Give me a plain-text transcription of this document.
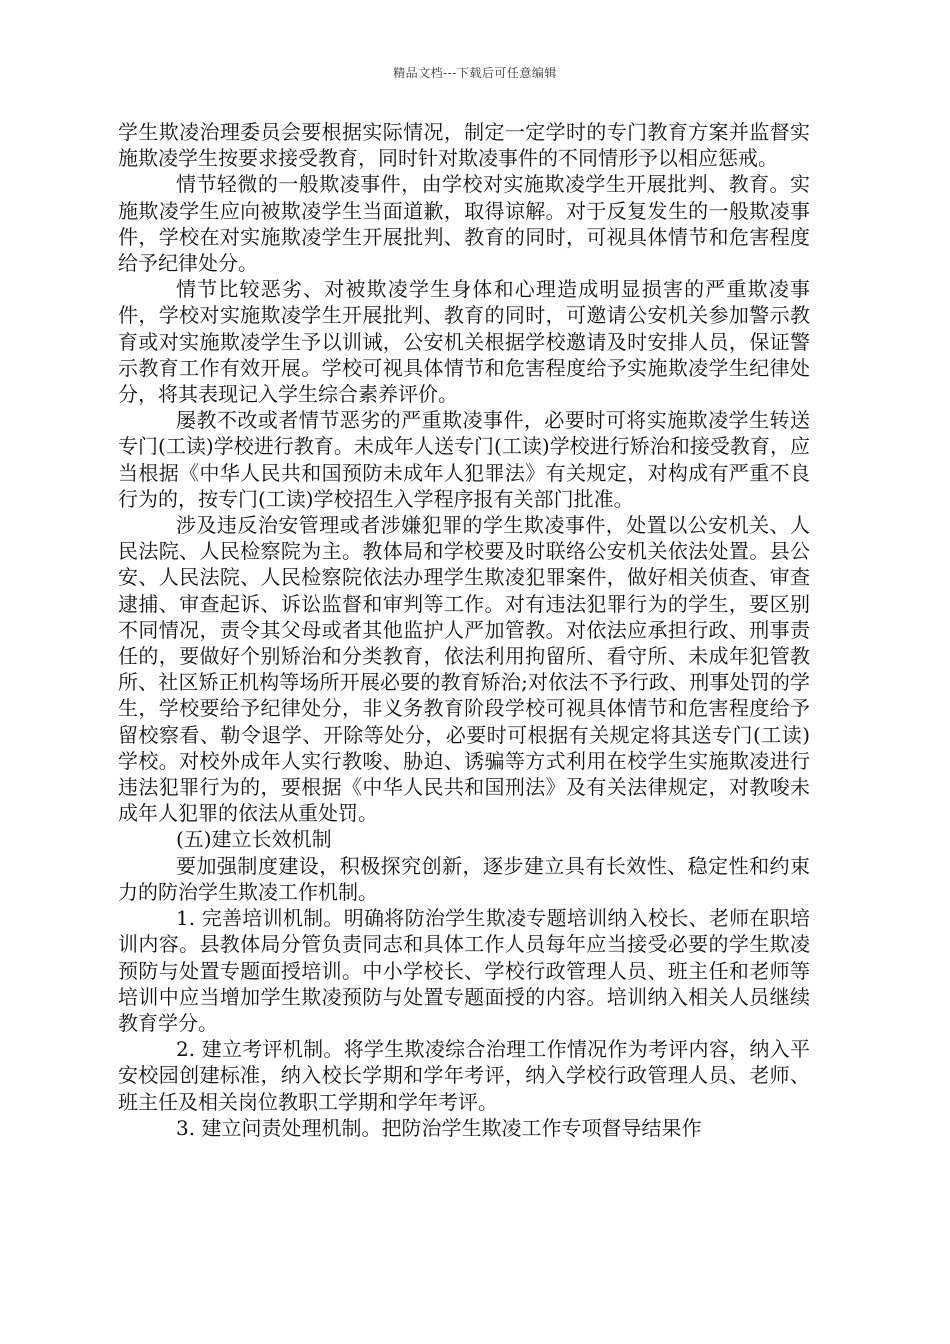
精品文档---下载后可任意编辑

学生欺凌治理委员会要根据实际情况，制定一定学时的专门教育方案并监督实施欺凌学生按要求接受教育，同时针对欺凌事件的不同情形予以相应惩戒。

情节轻微的一般欺凌事件，由学校对实施欺凌学生开展批判、教育。实施欺凌学生应向被欺凌学生当面道歉，取得谅解。对于反复发生的一般欺凌事件，学校在对实施欺凌学生开展批判、教育的同时，可视具体情节和危害程度给予纪律处分。

情节比较恶劣、对被欺凌学生身体和心理造成明显损害的严重欺凌事件，学校对实施欺凌学生开展批判、教育的同时，可邀请公安机关参加警示教育或对实施欺凌学生予以训诫，公安机关根据学校邀请及时安排人员，保证警示教育工作有效开展。学校可视具体情节和危害程度给予实施欺凌学生纪律处分，将其表现记入学生综合素养评价。

屡教不改或者情节恶劣的严重欺凌事件，必要时可将实施欺凌学生转送专门(工读)学校进行教育。未成年人送专门(工读)学校进行矫治和接受教育，应当根据《中华人民共和国预防未成年人犯罪法》有关规定，对构成有严重不良行为的，按专门(工读)学校招生入学程序报有关部门批准。

涉及违反治安管理或者涉嫌犯罪的学生欺凌事件，处置以公安机关、人民法院、人民检察院为主。教体局和学校要及时联络公安机关依法处置。县公安、人民法院、人民检察院依法办理学生欺凌犯罪案件，做好相关侦查、审查逮捕、审查起诉、诉讼监督和审判等工作。对有违法犯罪行为的学生，要区别不同情况，责令其父母或者其他监护人严加管教。对依法应承担行政、刑事责任的，要做好个别矫治和分类教育，依法利用拘留所、看守所、未成年犯管教所、社区矫正机构等场所开展必要的教育矫治;对依法不予行政、刑事处罚的学生，学校要给予纪律处分，非义务教育阶段学校可视具体情节和危害程度给予留校察看、勒令退学、开除等处分，必要时可根据有关规定将其送专门(工读)学校。对校外成年人实行教唆、胁迫、诱骗等方式利用在校学生实施欺凌进行违法犯罪行为的，要根据《中华人民共和国刑法》及有关法律规定，对教唆未成年人犯罪的依法从重处罚。

(五)建立长效机制

要加强制度建设，积极探究创新，逐步建立具有长效性、稳定性和约束力的防治学生欺凌工作机制。

1. 完善培训机制。明确将防治学生欺凌专题培训纳入校长、老师在职培训内容。县教体局分管负责同志和具体工作人员每年应当接受必要的学生欺凌预防与处置专题面授培训。中小学校长、学校行政管理人员、班主任和老师等培训中应当增加学生欺凌预防与处置专题面授的内容。培训纳入相关人员继续教育学分。

2. 建立考评机制。将学生欺凌综合治理工作情况作为考评内容，纳入平安校园创建标准，纳入校长学期和学年考评，纳入学校行政管理人员、老师、班主任及相关岗位教职工学期和学年考评。

3. 建立问责处理机制。把防治学生欺凌工作专项督导结果作
